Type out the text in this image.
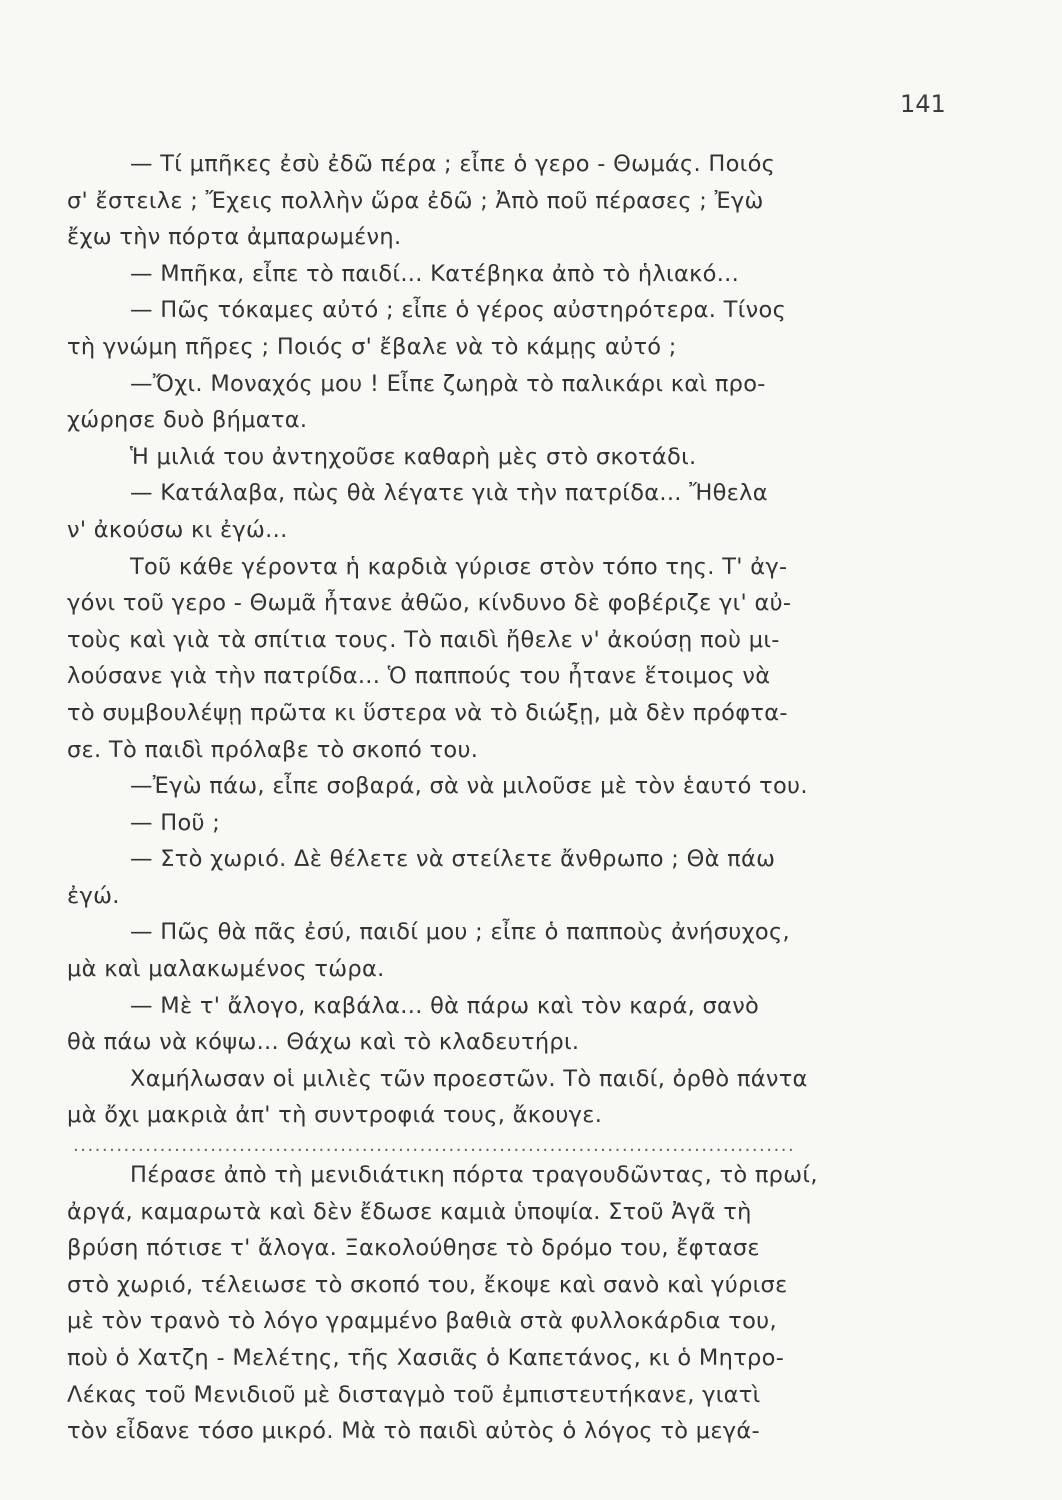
141
— Τί μπῆκες ἐσὺ ἐδῶ πέρα ; εἶπε ὁ γερο - Θωμάς. Ποιός
σ' ἔστειλε ; Ἔχεις πολλὴν ὥρα ἐδῶ ; Ἀπὸ ποῦ πέρασες ; Ἐγὼ
ἔχω τὴν πόρτα ἀμπαρωμένη.
— Μπῆκα, εἶπε τὸ παιδί... Κατέβηκα ἀπὸ τὸ ἡλιακό...
— Πῶς τόκαμες αὐτό ; εἶπε ὁ γέρος αὐστηρότερα. Τίνος
τὴ γνώμη πῆρες ; Ποιός σ' ἔβαλε νὰ τὸ κάμῃς αὐτό ;
—Ὄχι. Μοναχός μου ! Εἶπε ζωηρὰ τὸ παλικάρι καὶ προ-
χώρησε δυὸ βήματα.
Ἡ μιλιά του ἀντηχοῦσε καθαρὴ μὲς στὸ σκοτάδι.
— Κατάλαβα, πὼς θὰ λέγατε γιὰ τὴν πατρίδα... Ἤθελα
ν' ἀκούσω κι ἐγώ...
Τοῦ κάθε γέροντα ἡ καρδιὰ γύρισε στὸν τόπο της. Τ' ἀγ-
γόνι τοῦ γερο - Θωμᾶ ἦτανε ἀθῶο, κίνδυνο δὲ φοβέριζε γι' αὐ-
τοὺς καὶ γιὰ τὰ σπίτια τους. Τὸ παιδὶ ἤθελε ν' ἀκούσῃ ποὺ μι-
λούσανε γιὰ τὴν πατρίδα... Ὁ παππούς του ἦτανε ἕτοιμος νὰ
τὸ συμβουλέψῃ πρῶτα κι ὕστερα νὰ τὸ διώξῃ, μὰ δὲν πρόφτα-
σε. Τὸ παιδὶ πρόλαβε τὸ σκοπό του.
—Ἐγὼ πάω, εἶπε σοβαρά, σὰ νὰ μιλοῦσε μὲ τὸν ἑαυτό του.
— Ποῦ ;
— Στὸ χωριό. Δὲ θέλετε νὰ στείλετε ἄνθρωπο ; Θὰ πάω
ἐγώ.
— Πῶς θὰ πᾶς ἐσύ, παιδί μου ; εἶπε ὁ παπποὺς ἀνήσυχος,
μὰ καὶ μαλακωμένος τώρα.
— Μὲ τ' ἄλογο, καβάλα... θὰ πάρω καὶ τὸν καρά, σανὸ
θὰ πάω νὰ κόψω... Θάχω καὶ τὸ κλαδευτήρι.
Χαμήλωσαν οἱ μιλιὲς τῶν προεστῶν. Τὸ παιδί, ὀρθὸ πάντα
μὰ ὄχι μακριὰ ἀπ' τὴ συντροφιά τους, ἄκουγε.
....................................................................................................
Πέρασε ἀπὸ τὴ μενιδιάτικη πόρτα τραγουδῶντας, τὸ πρωί,
ἀργά, καμαρωτὰ καὶ δὲν ἔδωσε καμιὰ ὑποψία. Στοῦ Ἀγᾶ τὴ
βρύση πότισε τ' ἄλογα. Ξακολούθησε τὸ δρόμο του, ἔφτασε
στὸ χωριό, τέλειωσε τὸ σκοπό του, ἔκοψε καὶ σανὸ καὶ γύρισε
μὲ τὸν τρανὸ τὸ λόγο γραμμένο βαθιὰ στὰ φυλλοκάρδια του,
ποὺ ὁ Χατζη - Μελέτης, τῆς Χασιᾶς ὁ Καπετάνος, κι ὁ Μητρο-
Λέκας τοῦ Μενιδιοῦ μὲ δισταγμὸ τοῦ ἐμπιστευτήκανε, γιατὶ
τὸν εἶδανε τόσο μικρό. Μὰ τὸ παιδὶ αὐτὸς ὁ λόγος τὸ μεγά-
